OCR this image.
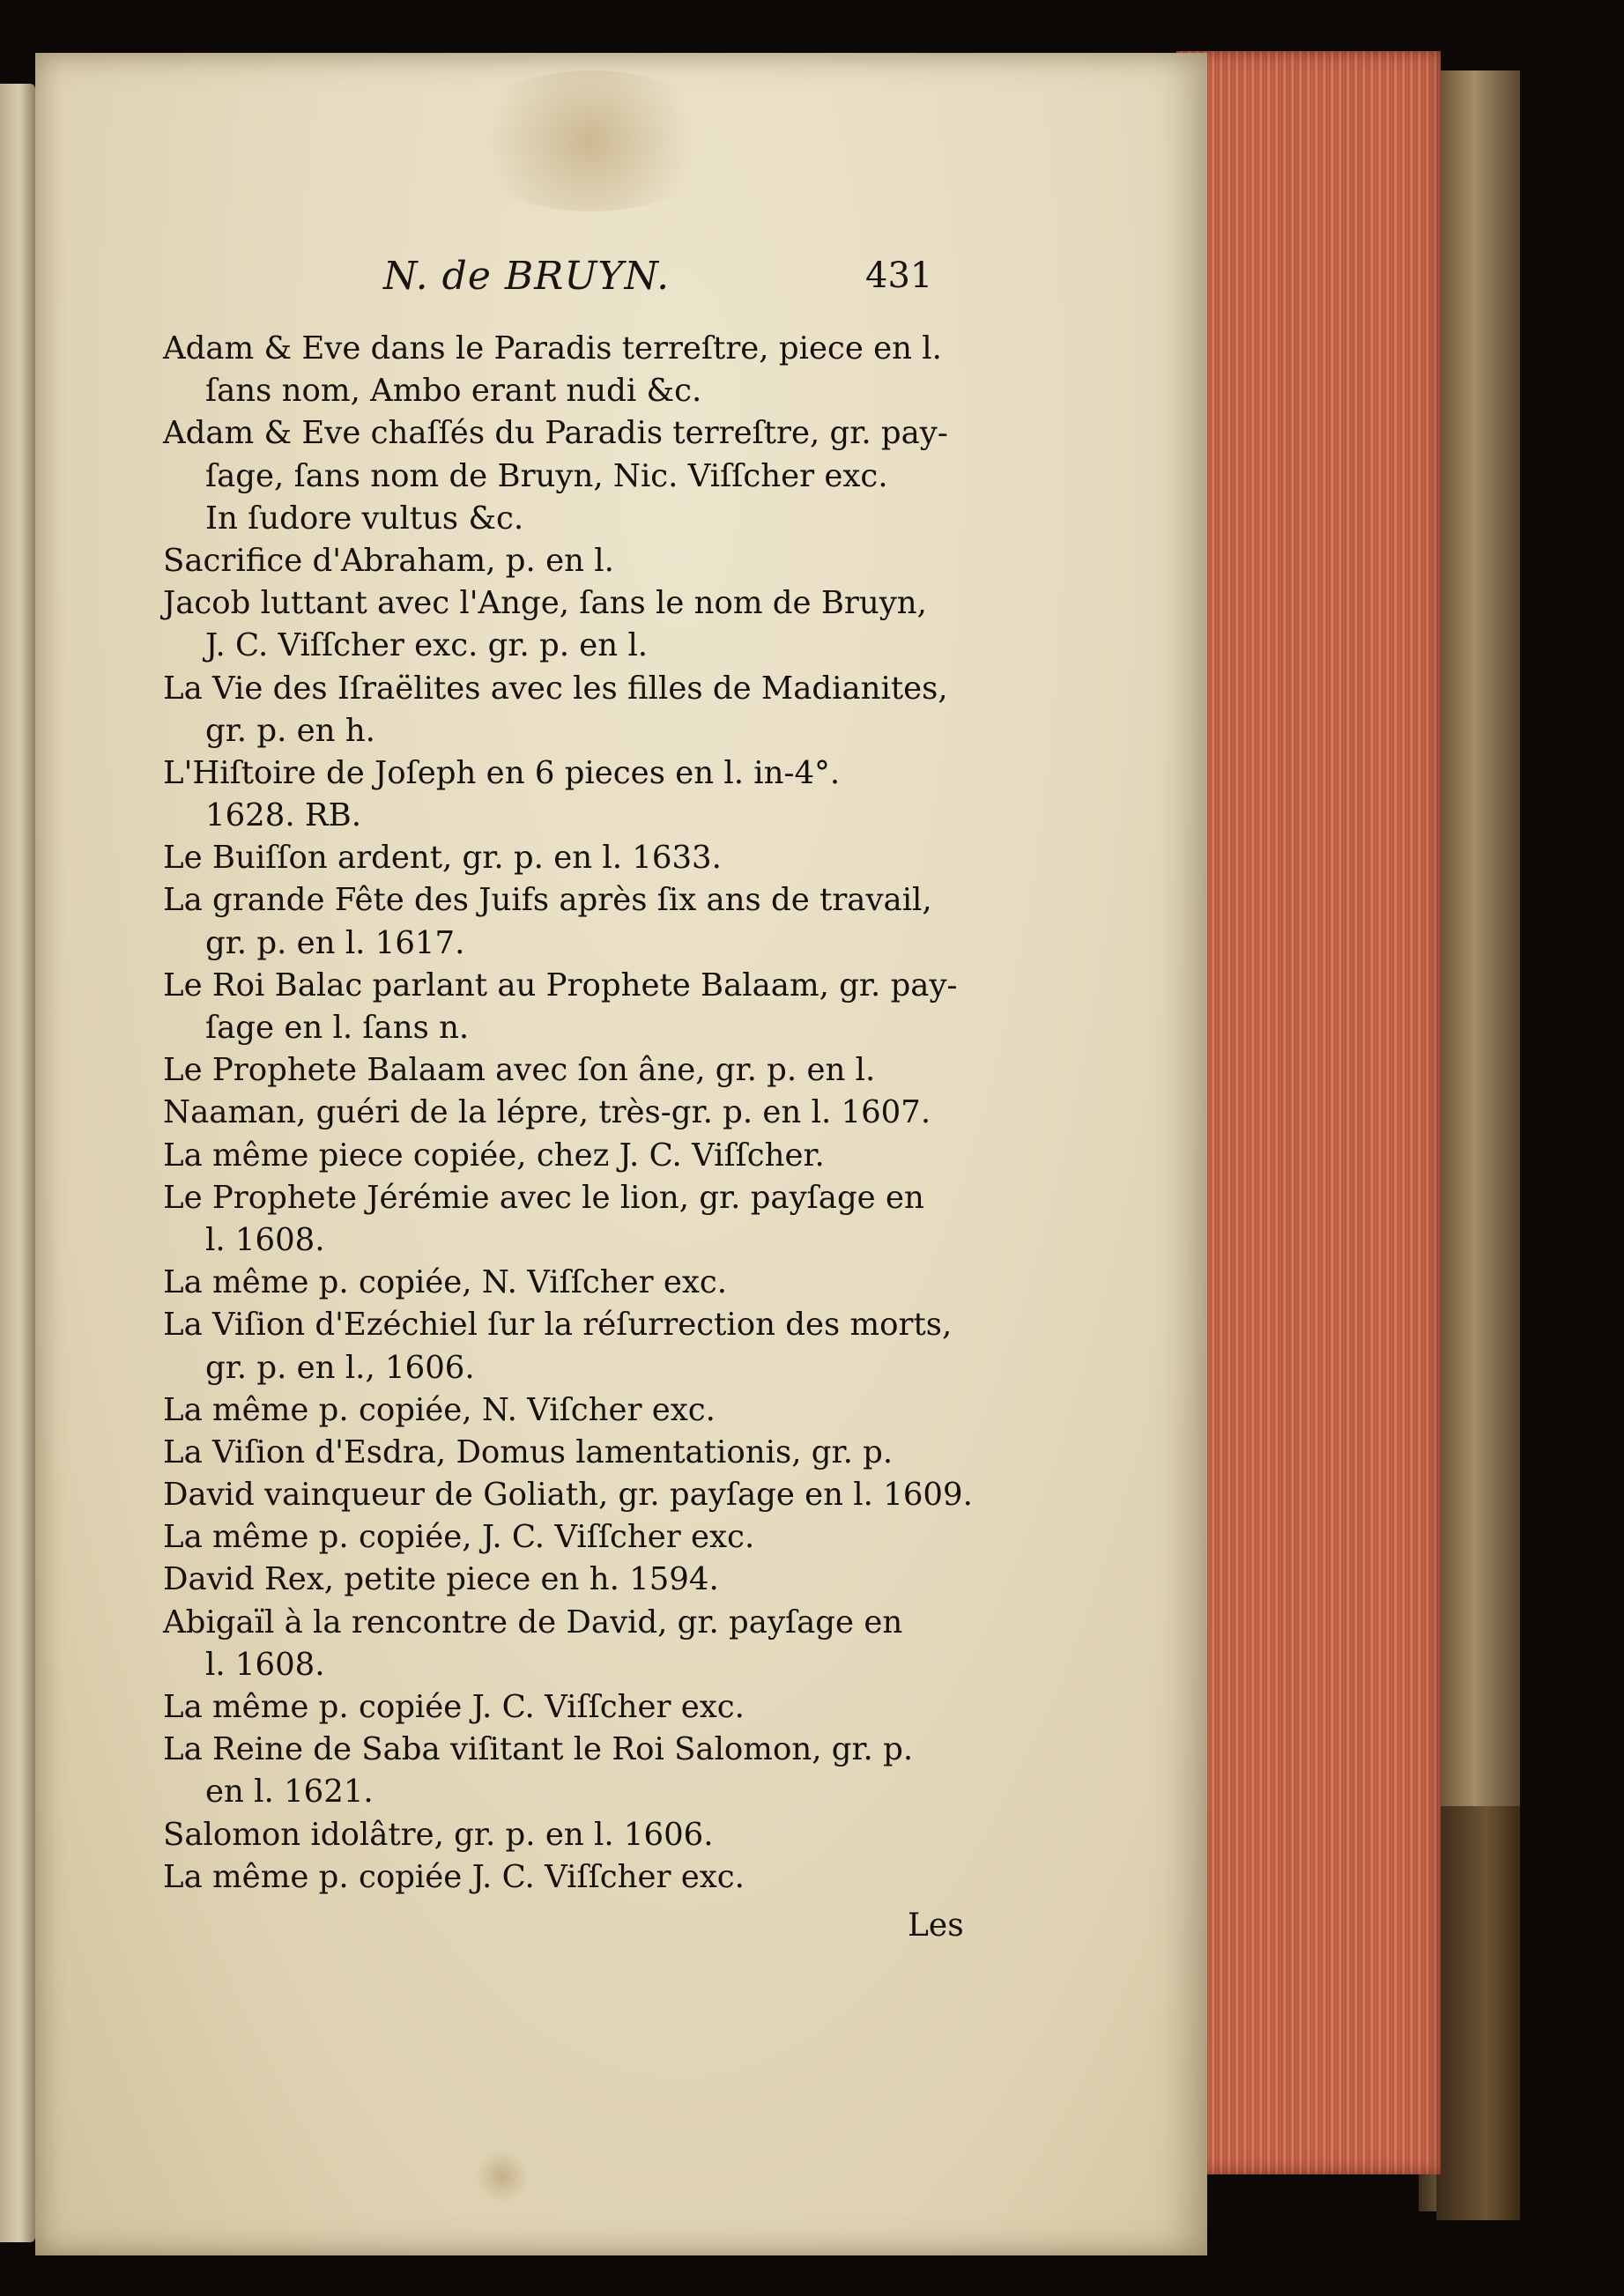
N. de BRUYN.	431
Adam & Eve dans le Paradis terreſtre, piece en l.
ſans nom, Ambo erant nudi &c.
Adam & Eve chaſſés du Paradis terreſtre, gr. pay-
ſage, ſans nom de Bruyn, Nic. Viſſcher exc.
In ſudore vultus &c.
Sacrifice d'Abraham, p. en l.
Jacob luttant avec l'Ange, ſans le nom de Bruyn,
J. C. Viſſcher exc. gr. p. en l.
La Vie des Iſraëlites avec les filles de Madianites,
gr. p. en h.
L'Hiſtoire de Joſeph en 6 pieces en l. in-4°.
1628. RB.
Le Buiſſon ardent, gr. p. en l. 1633.
La grande Fête des Juifs après ſix ans de travail,
gr. p. en l. 1617.
Le Roi Balac parlant au Prophete Balaam, gr. pay-
ſage en l. ſans n.
Le Prophete Balaam avec ſon âne, gr. p. en l.
Naaman, guéri de la lépre, très-gr. p. en l. 1607.
La même piece copiée, chez J. C. Viſſcher.
Le Prophete Jérémie avec le lion, gr. payſage en
l. 1608.
La même p. copiée, N. Viſſcher exc.
La Viſion d'Ezéchiel ſur la réſurrection des morts,
gr. p. en l., 1606.
La même p. copiée, N. Viſcher exc.
La Viſion d'Esdra, Domus lamentationis, gr. p.
David vainqueur de Goliath, gr. payſage en l. 1609.
La même p. copiée, J. C. Viſſcher exc.
David Rex, petite piece en h. 1594.
Abigaïl à la rencontre de David, gr. payſage en
l. 1608.
La même p. copiée J. C. Viſſcher exc.
La Reine de Saba viſitant le Roi Salomon, gr. p.
en l. 1621.
Salomon idolâtre, gr. p. en l. 1606.
La même p. copiée J. C. Viſſcher exc.
Les
